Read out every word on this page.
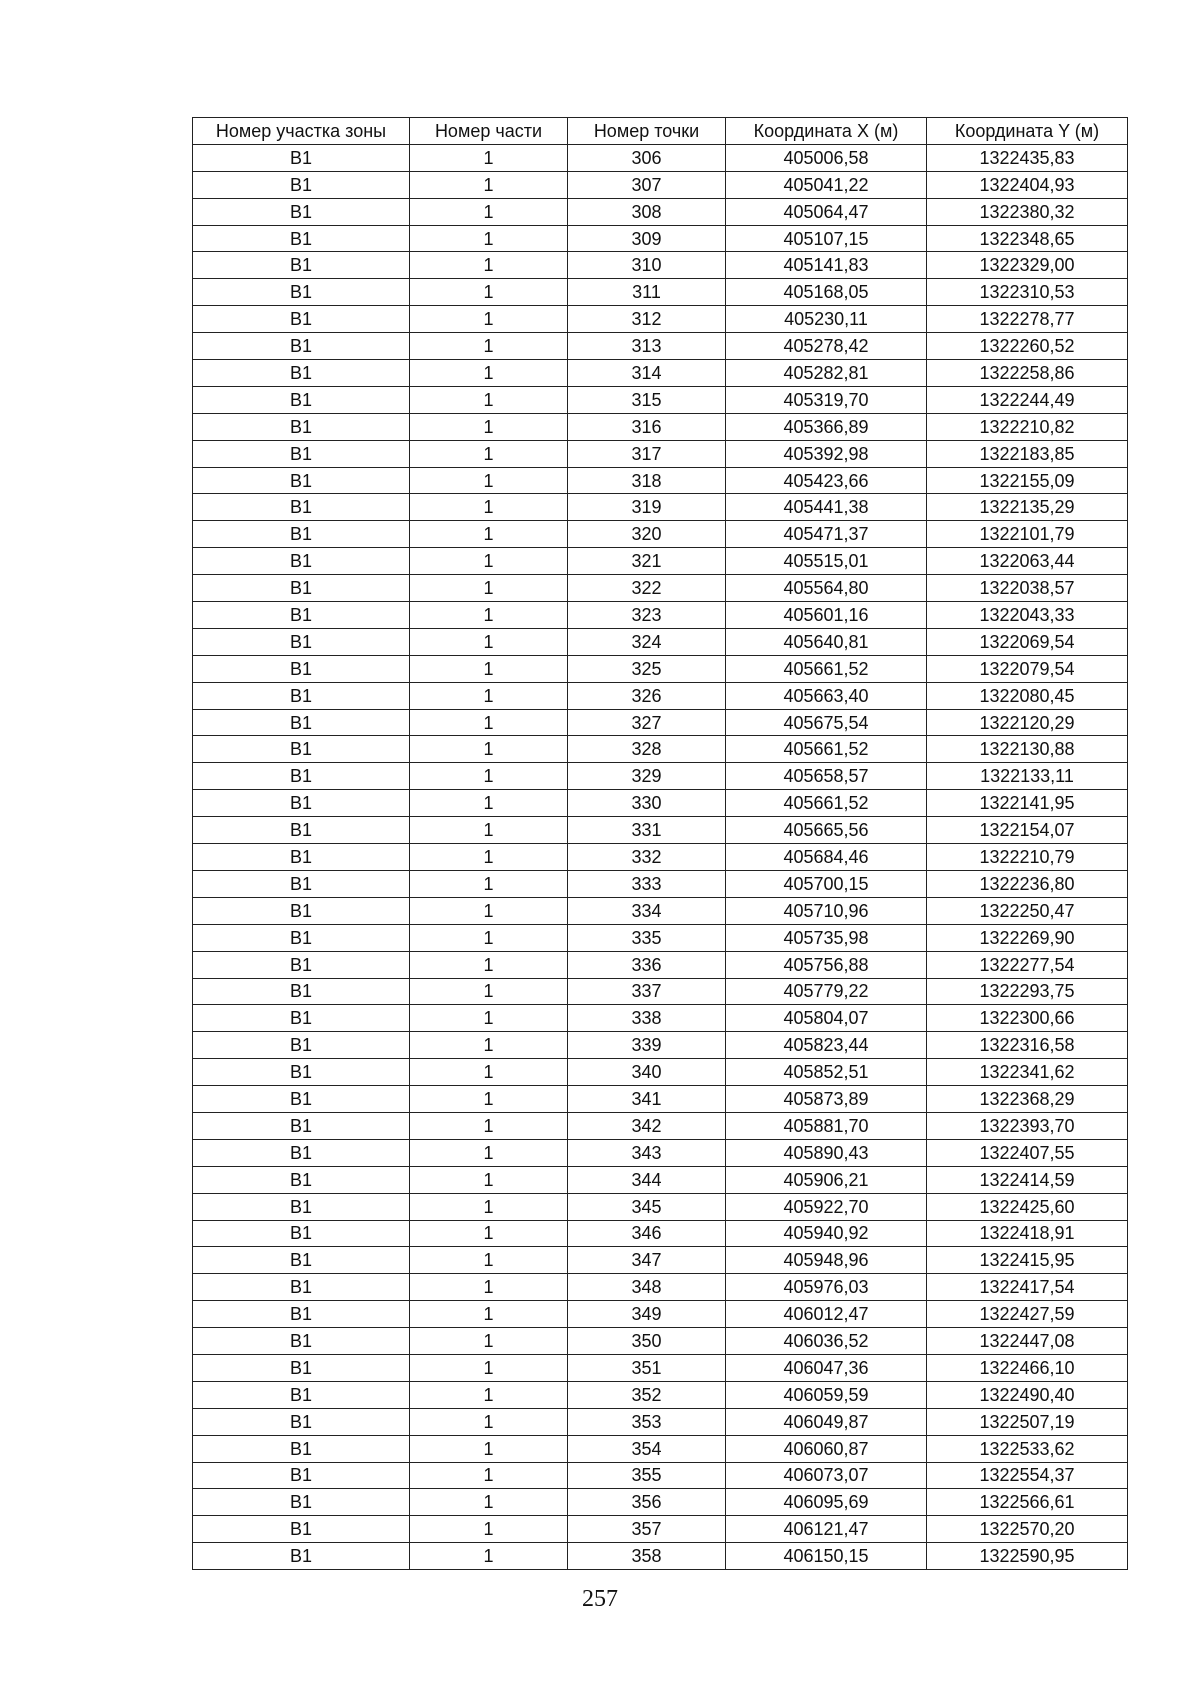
Номер участка зоны	Номер части	Номер точки	Координата X (м)	Координата Y (м)
В1	1	306	405006,58	1322435,83
В1	1	307	405041,22	1322404,93
В1	1	308	405064,47	1322380,32
В1	1	309	405107,15	1322348,65
В1	1	310	405141,83	1322329,00
В1	1	311	405168,05	1322310,53
В1	1	312	405230,11	1322278,77
В1	1	313	405278,42	1322260,52
В1	1	314	405282,81	1322258,86
В1	1	315	405319,70	1322244,49
В1	1	316	405366,89	1322210,82
В1	1	317	405392,98	1322183,85
В1	1	318	405423,66	1322155,09
В1	1	319	405441,38	1322135,29
В1	1	320	405471,37	1322101,79
В1	1	321	405515,01	1322063,44
В1	1	322	405564,80	1322038,57
В1	1	323	405601,16	1322043,33
В1	1	324	405640,81	1322069,54
В1	1	325	405661,52	1322079,54
В1	1	326	405663,40	1322080,45
В1	1	327	405675,54	1322120,29
В1	1	328	405661,52	1322130,88
В1	1	329	405658,57	1322133,11
В1	1	330	405661,52	1322141,95
В1	1	331	405665,56	1322154,07
В1	1	332	405684,46	1322210,79
В1	1	333	405700,15	1322236,80
В1	1	334	405710,96	1322250,47
В1	1	335	405735,98	1322269,90
В1	1	336	405756,88	1322277,54
В1	1	337	405779,22	1322293,75
В1	1	338	405804,07	1322300,66
В1	1	339	405823,44	1322316,58
В1	1	340	405852,51	1322341,62
В1	1	341	405873,89	1322368,29
В1	1	342	405881,70	1322393,70
В1	1	343	405890,43	1322407,55
В1	1	344	405906,21	1322414,59
В1	1	345	405922,70	1322425,60
В1	1	346	405940,92	1322418,91
В1	1	347	405948,96	1322415,95
В1	1	348	405976,03	1322417,54
В1	1	349	406012,47	1322427,59
В1	1	350	406036,52	1322447,08
В1	1	351	406047,36	1322466,10
В1	1	352	406059,59	1322490,40
В1	1	353	406049,87	1322507,19
В1	1	354	406060,87	1322533,62
В1	1	355	406073,07	1322554,37
В1	1	356	406095,69	1322566,61
В1	1	357	406121,47	1322570,20
В1	1	358	406150,15	1322590,95
257
